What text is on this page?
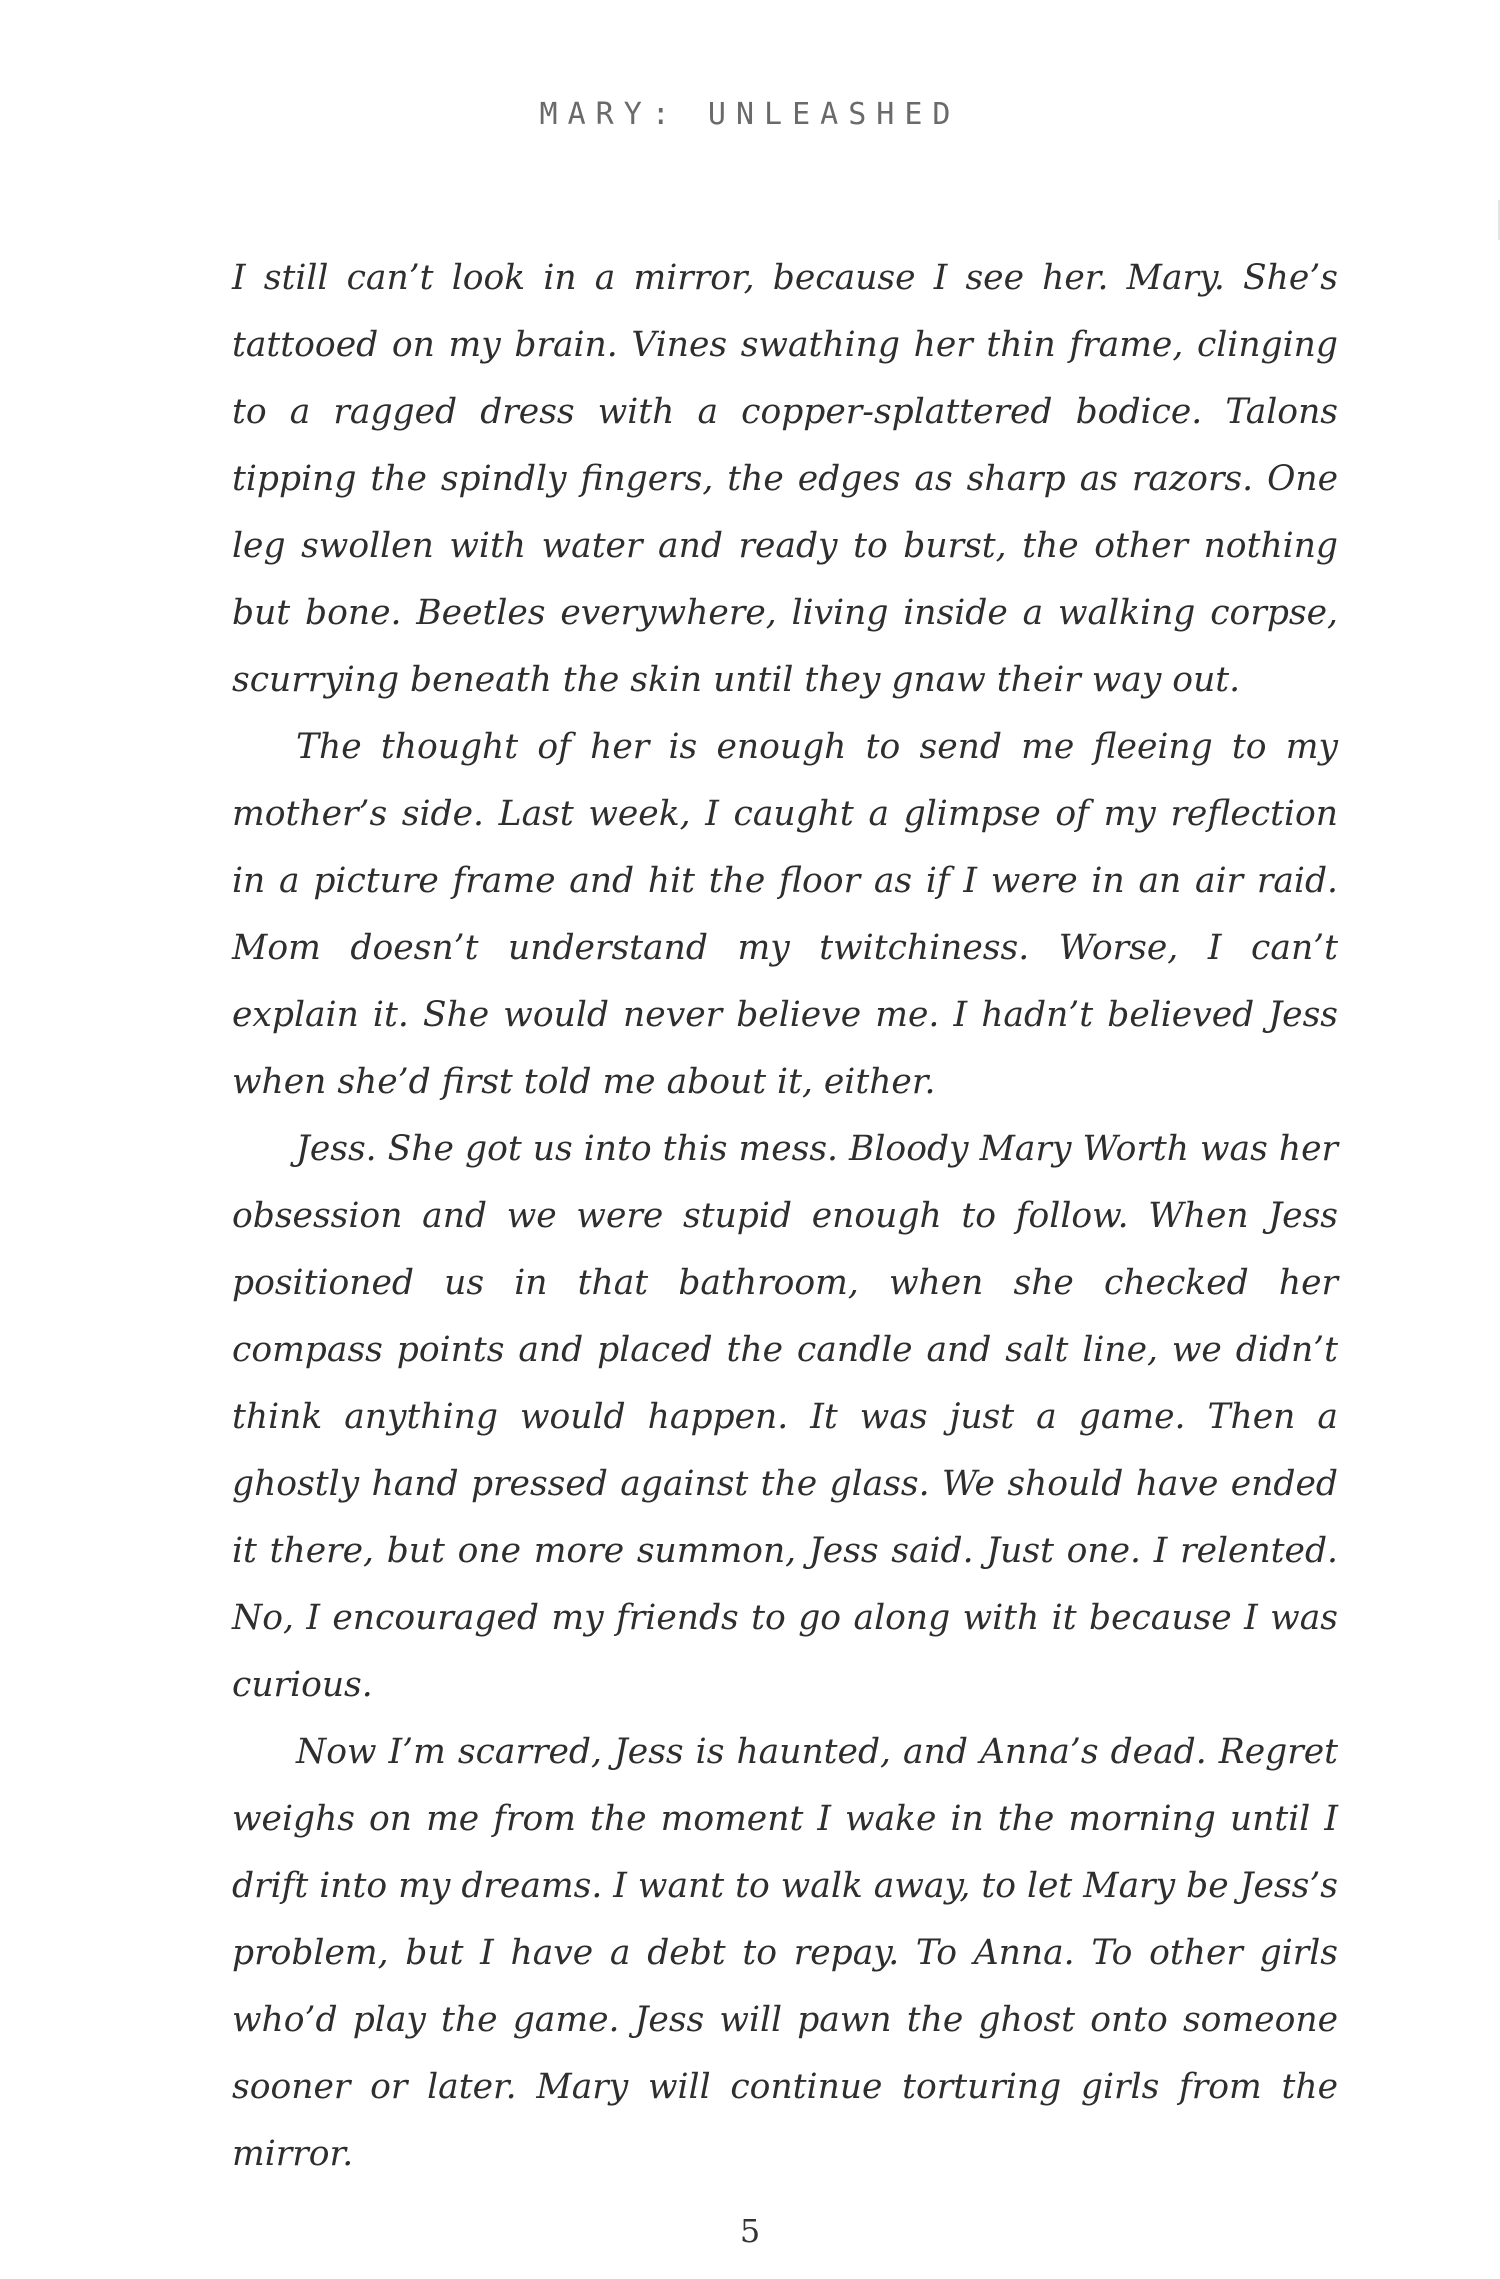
MARY: UNLEASHED

I still can’t look in a mirror, because I see her. Mary. She’s tattooed on my brain. Vines swathing her thin frame, clinging to a ragged dress with a copper-splattered bodice. Talons tipping the spindly fingers, the edges as sharp as razors. One leg swollen with water and ready to burst, the other nothing but bone. Beetles everywhere, living inside a walking corpse, scurrying beneath the skin until they gnaw their way out.

The thought of her is enough to send me fleeing to my mother’s side. Last week, I caught a glimpse of my reflection in a picture frame and hit the floor as if I were in an air raid. Mom doesn’t understand my twitchiness. Worse, I can’t explain it. She would never believe me. I hadn’t believed Jess when she’d first told me about it, either.

Jess. She got us into this mess. Bloody Mary Worth was her obsession and we were stupid enough to follow. When Jess positioned us in that bathroom, when she checked her compass points and placed the candle and salt line, we didn’t think anything would happen. It was just a game. Then a ghostly hand pressed against the glass. We should have ended it there, but one more summon, Jess said. Just one. I relented. No, I encouraged my friends to go along with it because I was curious.

Now I’m scarred, Jess is haunted, and Anna’s dead. Regret weighs on me from the moment I wake in the morning until I drift into my dreams. I want to walk away, to let Mary be Jess’s problem, but I have a debt to repay. To Anna. To other girls who’d play the game. Jess will pawn the ghost onto someone sooner or later. Mary will continue torturing girls from the mirror.

5
